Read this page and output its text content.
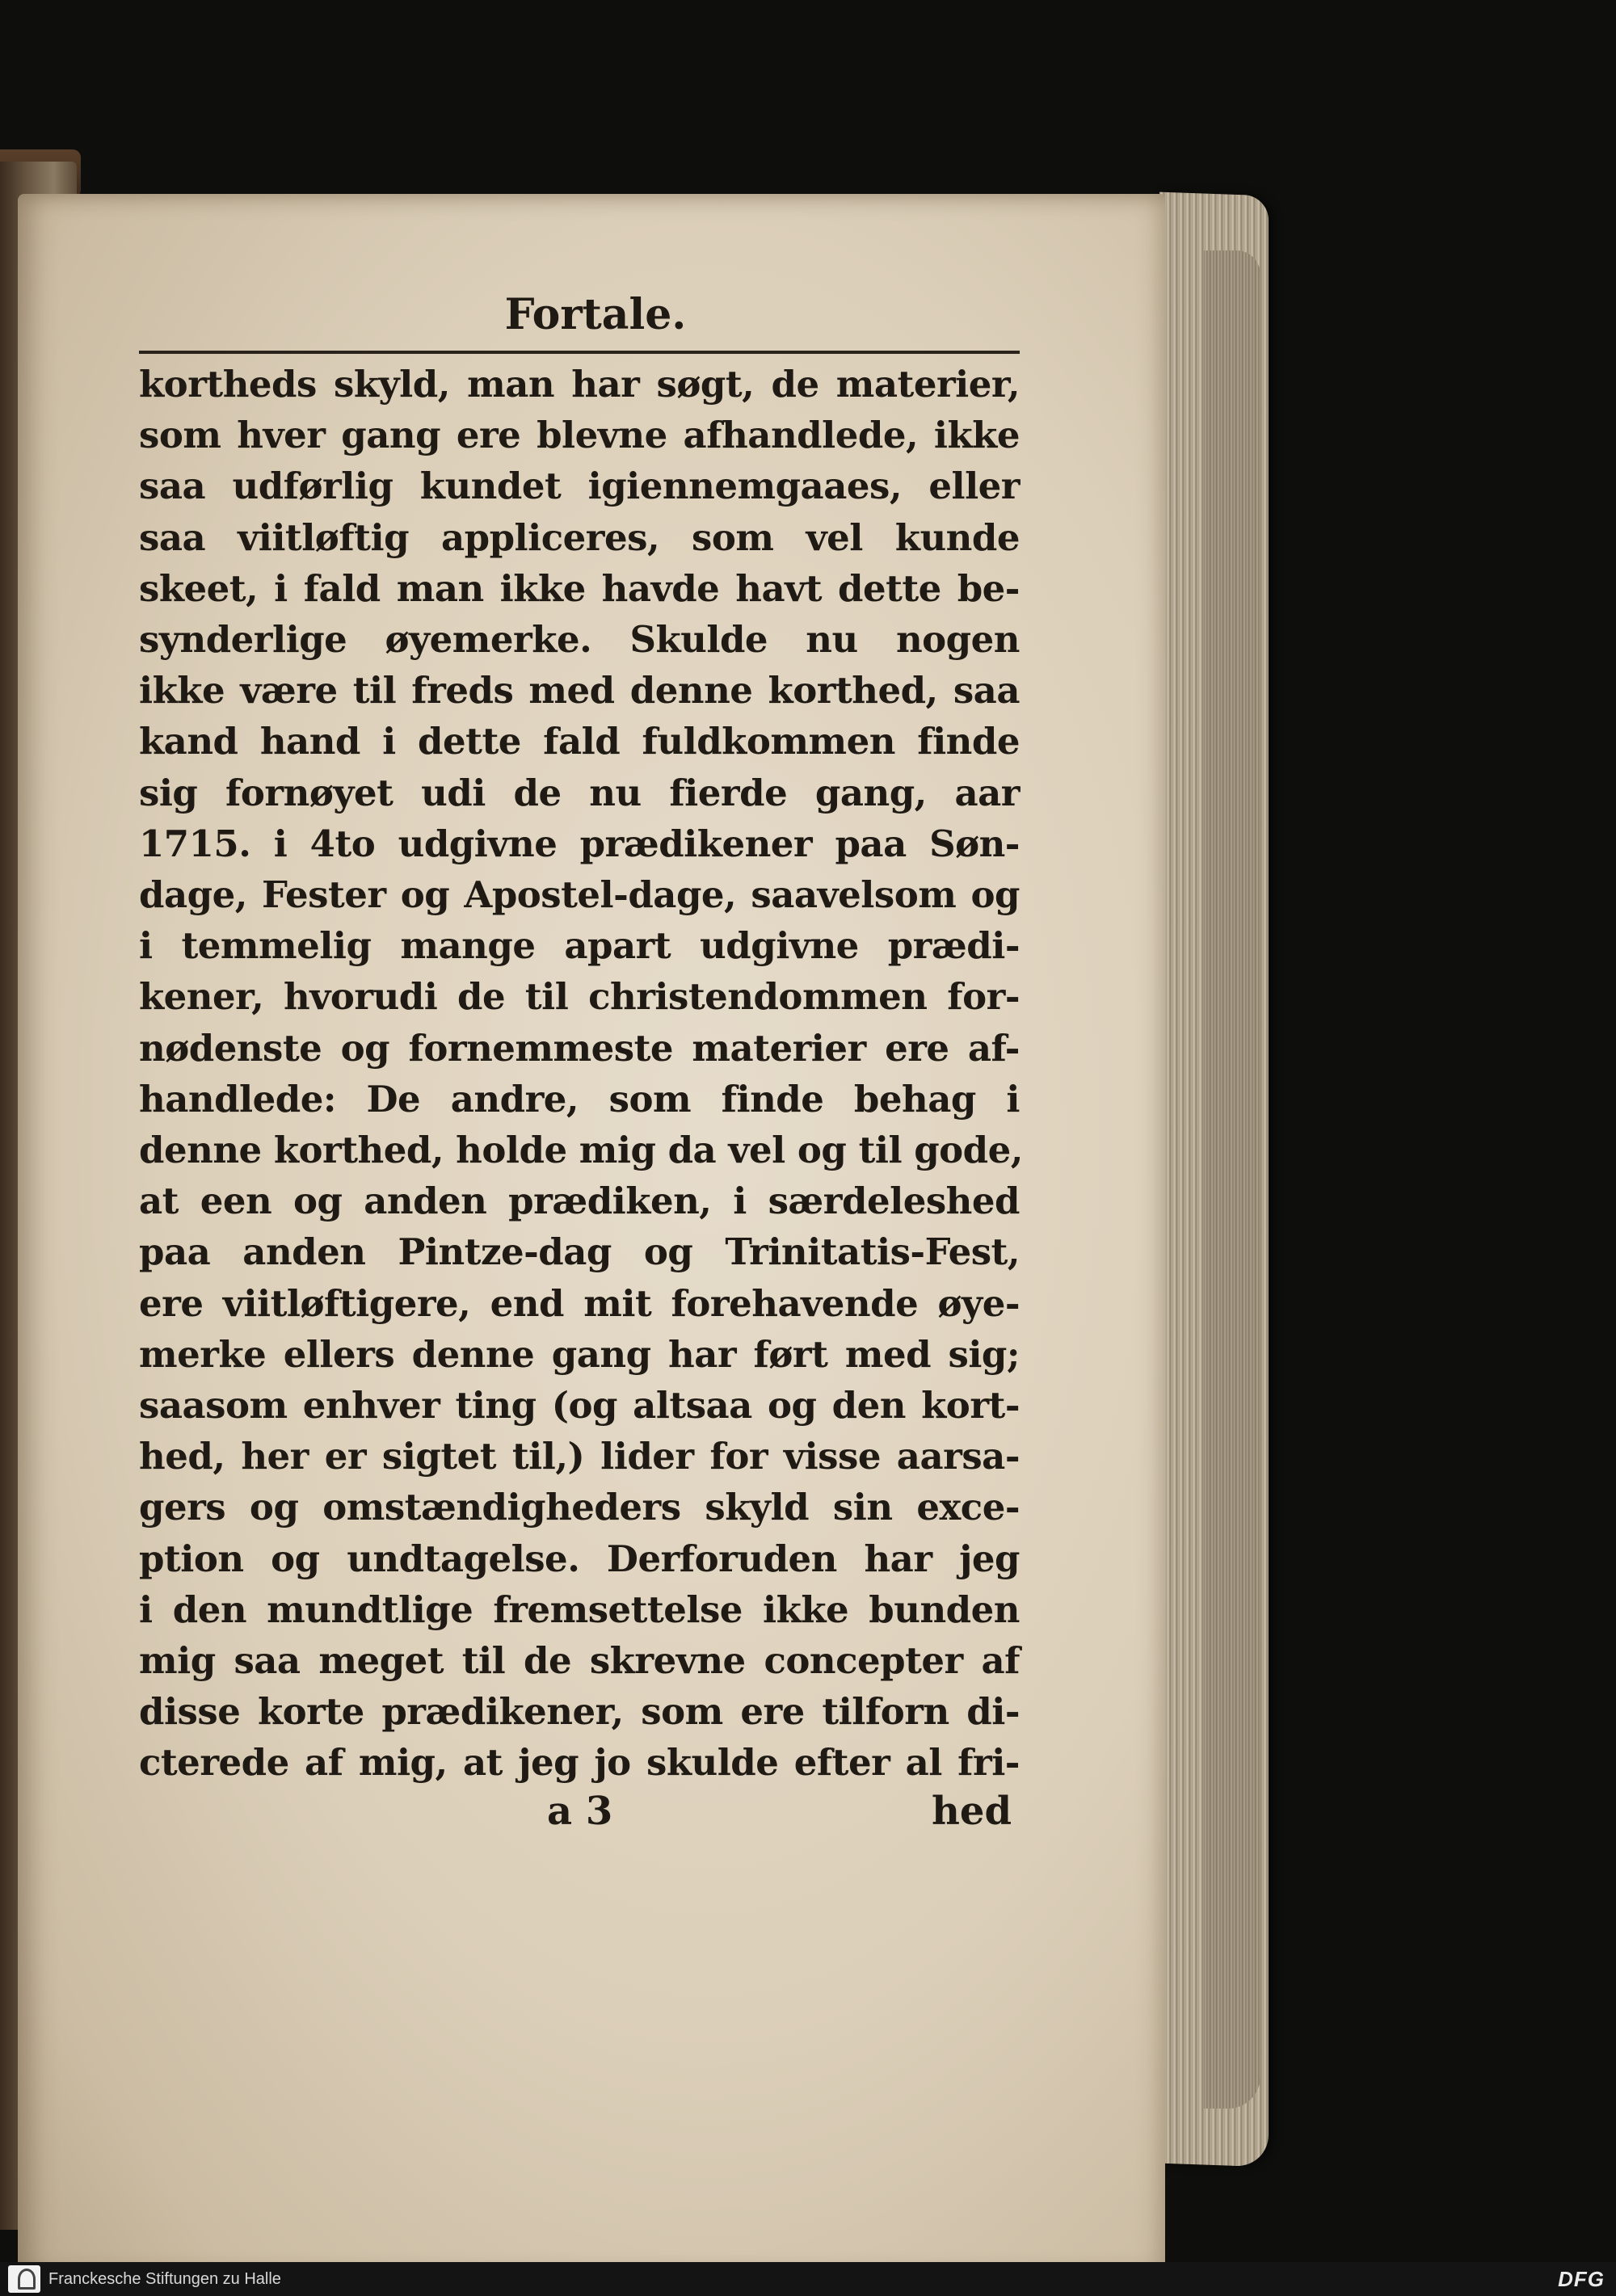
Fortale.
kortheds skyld, man har søgt, de materier,
som hver gang ere blevne afhandlede, ikke
saa udførlig kundet igiennemgaaes, eller
saa viitløftig appliceres, som vel kunde
skeet, i fald man ikke havde havt dette be-
synderlige øyemerke. Skulde nu nogen
ikke være til freds med denne korthed, saa
kand hand i dette fald fuldkommen finde
sig fornøyet udi de nu fierde gang, aar
1715. i 4to udgivne prædikener paa Søn-
dage, Fester og Apostel-dage, saavelsom og
i temmelig mange apart udgivne prædi-
kener, hvorudi de til christendommen for-
nødenste og fornemmeste materier ere af-
handlede: De andre, som finde behag i
denne korthed, holde mig da vel og til gode,
at een og anden prædiken, i særdeleshed
paa anden Pintze-dag og Trinitatis-Fest,
ere viitløftigere, end mit forehavende øye-
merke ellers denne gang har ført med sig;
saasom enhver ting (og altsaa og den kort-
hed, her er sigtet til,) lider for visse aarsa-
gers og omstændigheders skyld sin exce-
ption og undtagelse. Derforuden har jeg
i den mundtlige fremsettelse ikke bunden
mig saa meget til de skrevne concepter af
disse korte prædikener, som ere tilforn di-
cterede af mig, at jeg jo skulde efter al fri-
a 3	hed
Franckesche Stiftungen zu Halle	DFG
